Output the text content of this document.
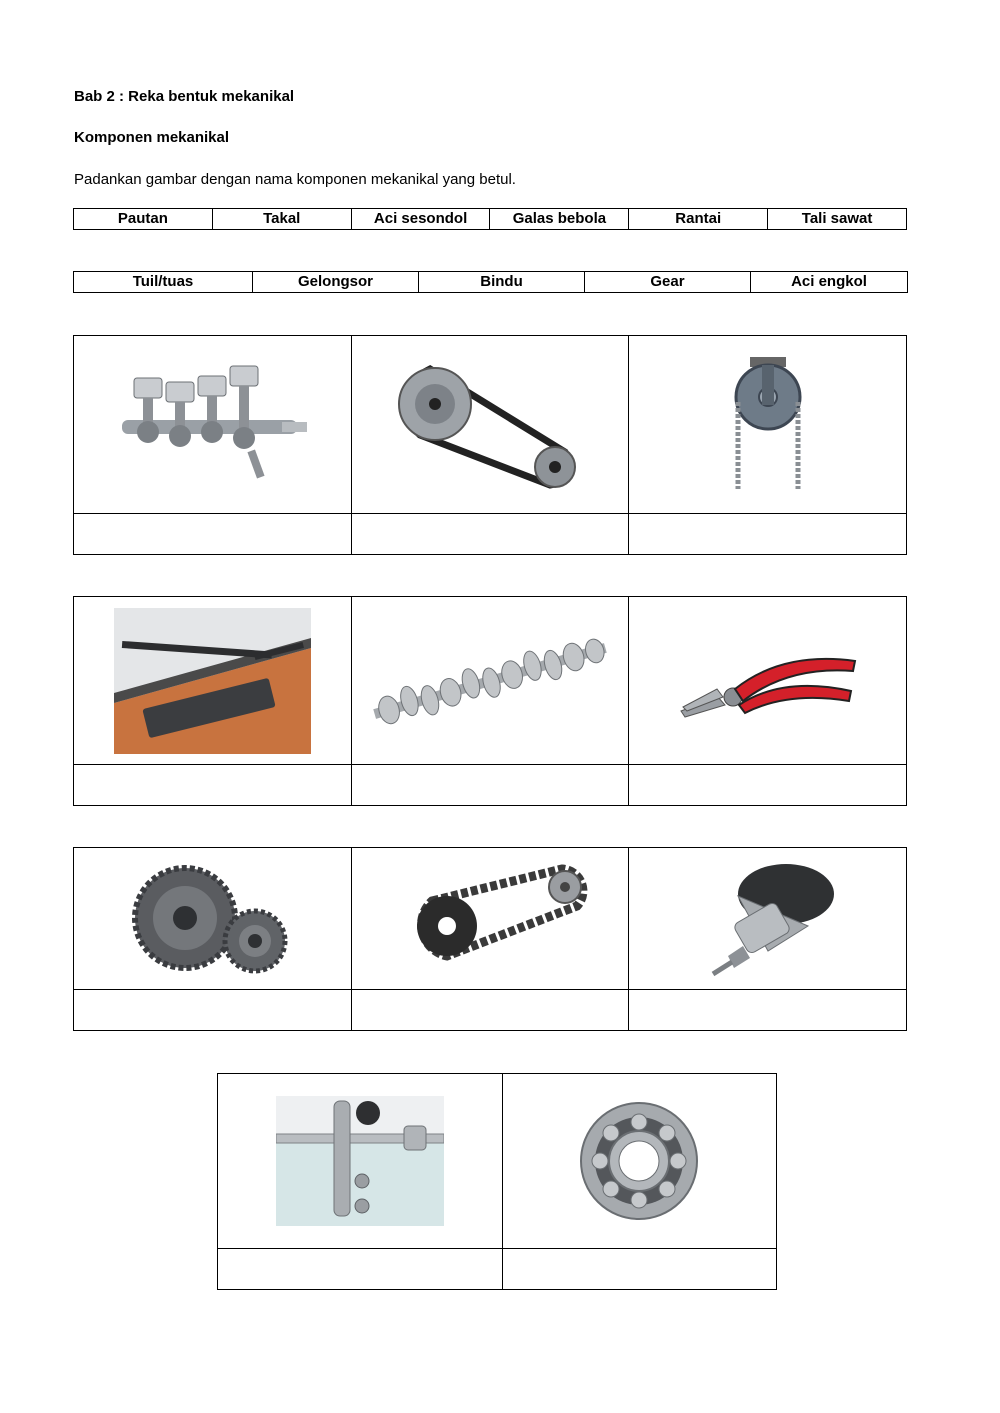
Bab 2 : Reka bentuk mekanikal
Komponen mekanikal
Padankan gambar dengan nama komponen mekanikal yang betul.
Pautan	Takal	Aci sesondol	Galas bebola	Rantai	Tali sawat
Tuil/tuas	Gelongsor	Bindu	Gear	Aci engkol
